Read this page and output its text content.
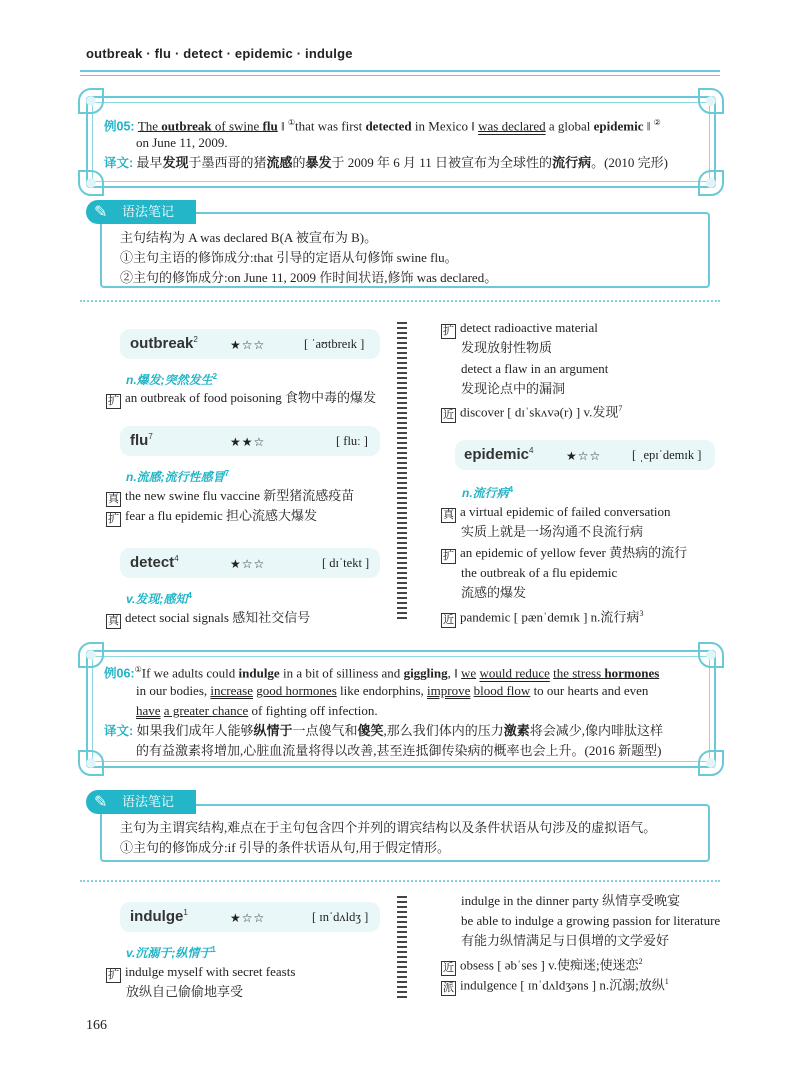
outbreak · flu · detect · epidemic · indulge
例05: The outbreak of swine flu ‖ ①that was first detected in Mexico ‖ was declared a global epidemic ‖ ②
on June 11, 2009.
译文: 最早发现于墨西哥的猪流感的暴发于 2009 年 6 月 11 日被宣布为全球性的流行病。(2010 完形)
语法笔记
✎
主句结构为 A was declared B(A 被宣布为 B)。
①主句主语的修饰成分:that 引导的定语从句修饰 swine flu。
②主句的修饰成分:on June 11, 2009 作时间状语,修饰 was declared。
outbreak$^2$	★☆☆	[ ˈaʊtbreɪk ]
n.爆发;突然发生$^2$
扩 an outbreak of food poisoning 食物中毒的爆发
flu$^7$	★★☆	[ fluː ]
n.流感;流行性感冒$^7$
真 the new swine flu vaccine 新型猪流感疫苗
扩 fear a flu epidemic 担心流感大爆发
detect$^4$	★☆☆	[ dɪˈtekt ]
v.发现;感知$^4$
真 detect social signals 感知社交信号
扩 detect radioactive material
发现放射性物质
detect a flaw in an argument
发现论点中的漏洞
近 discover [ dɪˈskʌvə(r) ] v.发现$^7$
epidemic$^4$	★☆☆ [ ˌepɪˈdemɪk ]
n.流行病$^4$
真 a virtual epidemic of failed conversation
实质上就是一场沟通不良流行病
扩 an epidemic of yellow fever 黄热病的流行
the outbreak of a flu epidemic
流感的爆发
近 pandemic [ pænˈdemɪk ] n.流行病$^3$
例06:①If we adults could indulge in a bit of silliness and giggling, ‖ we would reduce the stress hormones
in our bodies, increase good hormones like endorphins, improve blood flow to our hearts and even
have a greater chance of fighting off infection.
译文: 如果我们成年人能够纵情于一点傻气和傻笑,那么我们体内的压力激素将会减少,像内啡肽这样
的有益激素将增加,心脏血流量将得以改善,甚至连抵御传染病的概率也会上升。(2016 新题型)
语法笔记
✎
主句为主谓宾结构,难点在于主句包含四个并列的谓宾结构以及条件状语从句涉及的虚拟语气。
①主句的修饰成分:if 引导的条件状语从句,用于假定情形。
indulge$^1$	★☆☆	[ ɪnˈdʌldʒ ]
v.沉溺于;纵情于$^1$
扩 indulge myself with secret feasts
放纵自己偷偷地享受
indulge in the dinner party 纵情享受晚宴
be able to indulge a growing passion for literature
有能力纵情满足与日俱增的文学爱好
近 obsess [ əbˈses ] v.使痴迷;使迷恋$^2$
派 indulgence [ ɪnˈdʌldʒəns ] n.沉溺;放纵$^1$
166
